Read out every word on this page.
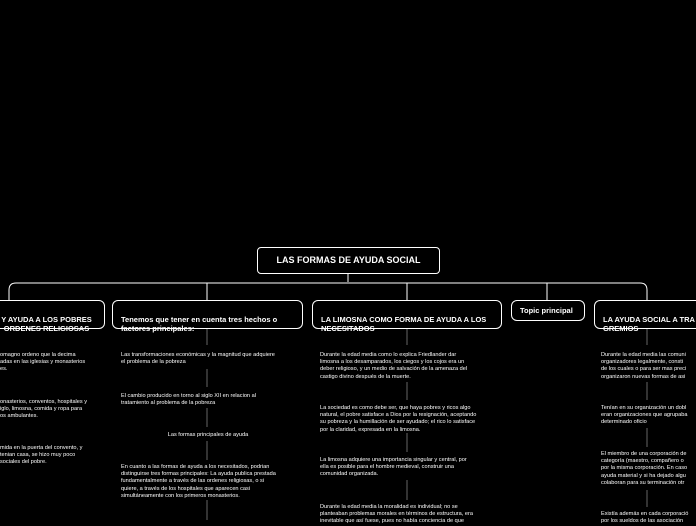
LAS FORMAS DE AYUDA SOCIAL

Y AYUDA A LOS POBRES
ORDENES RELIGIOSAS

Tenemos que tener en cuenta tres hechos o
factores principales:

LA LIMOSNA COMO FORMA DE AYUDA A LOS
NECESITADOS

Topic principal

LA AYUDA SOCIAL A TRA
GREMIOS

omagno ordeno que la decima
adas en las iglesias y monasterios
es.
onasterios, conventos, hospitales y
iglo, limosna, comida y ropa para
os ambulantes.
mida en la puerta del convento, y
tenian casa, se hizo muy poco
sociales del pobre.
Las transformaciones económicas y la magnitud que adquiere
el problema de la pobreza
El cambio producido en torno al siglo XII en relacion al
tratamiento al problema de la pobreza
Las formas principales de ayuda
En cuanto a las formas de ayuda a los necesitados, podrian
distinguirse tres formas principales: La ayuda publica prestada
fundamentalmente a través de las ordenes religiosas, o si
quiere, a través de los hospitales que aparecen casi
simultáneamente con los primeros monasterios.
Durante la edad media como lo explica Friedlander dar
limosna a los desamparados, los ciegos y los cojos era un
deber religioso, y un medio de salvación de la amenaza del
castigo divino después de la muerte.
La sociedad es como debe ser, que haya pobres y ricos algo
natural, el pobre satisface a Dios por la resignación, aceptando
su pobreza y la humillación de ser ayudado; el rico lo satisface
por la claridad, expresada en la limosna.
La limosna adquiere una importancia singular y central, por
ella es posible para el hombre medieval, construir una
comunidad organizada.
Durante la edad media la moralidad es individual; no se
planteaban problemas morales en términos de estructura, era
inevitable que así fuese, pues no había conciencia de que
Durante la edad media las comuni
organizadores legalmente, consti
de los cuales o para ser mas preci
organizaron nuevas formas de asi
Tenían en su organización un dobl
eran organizaciones que agrupaba
determinado oficio
El miembro de una corporación de
categoría (maestro, compañero o
por la misma corporación. En caso
ayuda material y si ha dejado algu
colaboran para su terminación otr
Existía además en cada corporació
por los sueldos de las asociación
